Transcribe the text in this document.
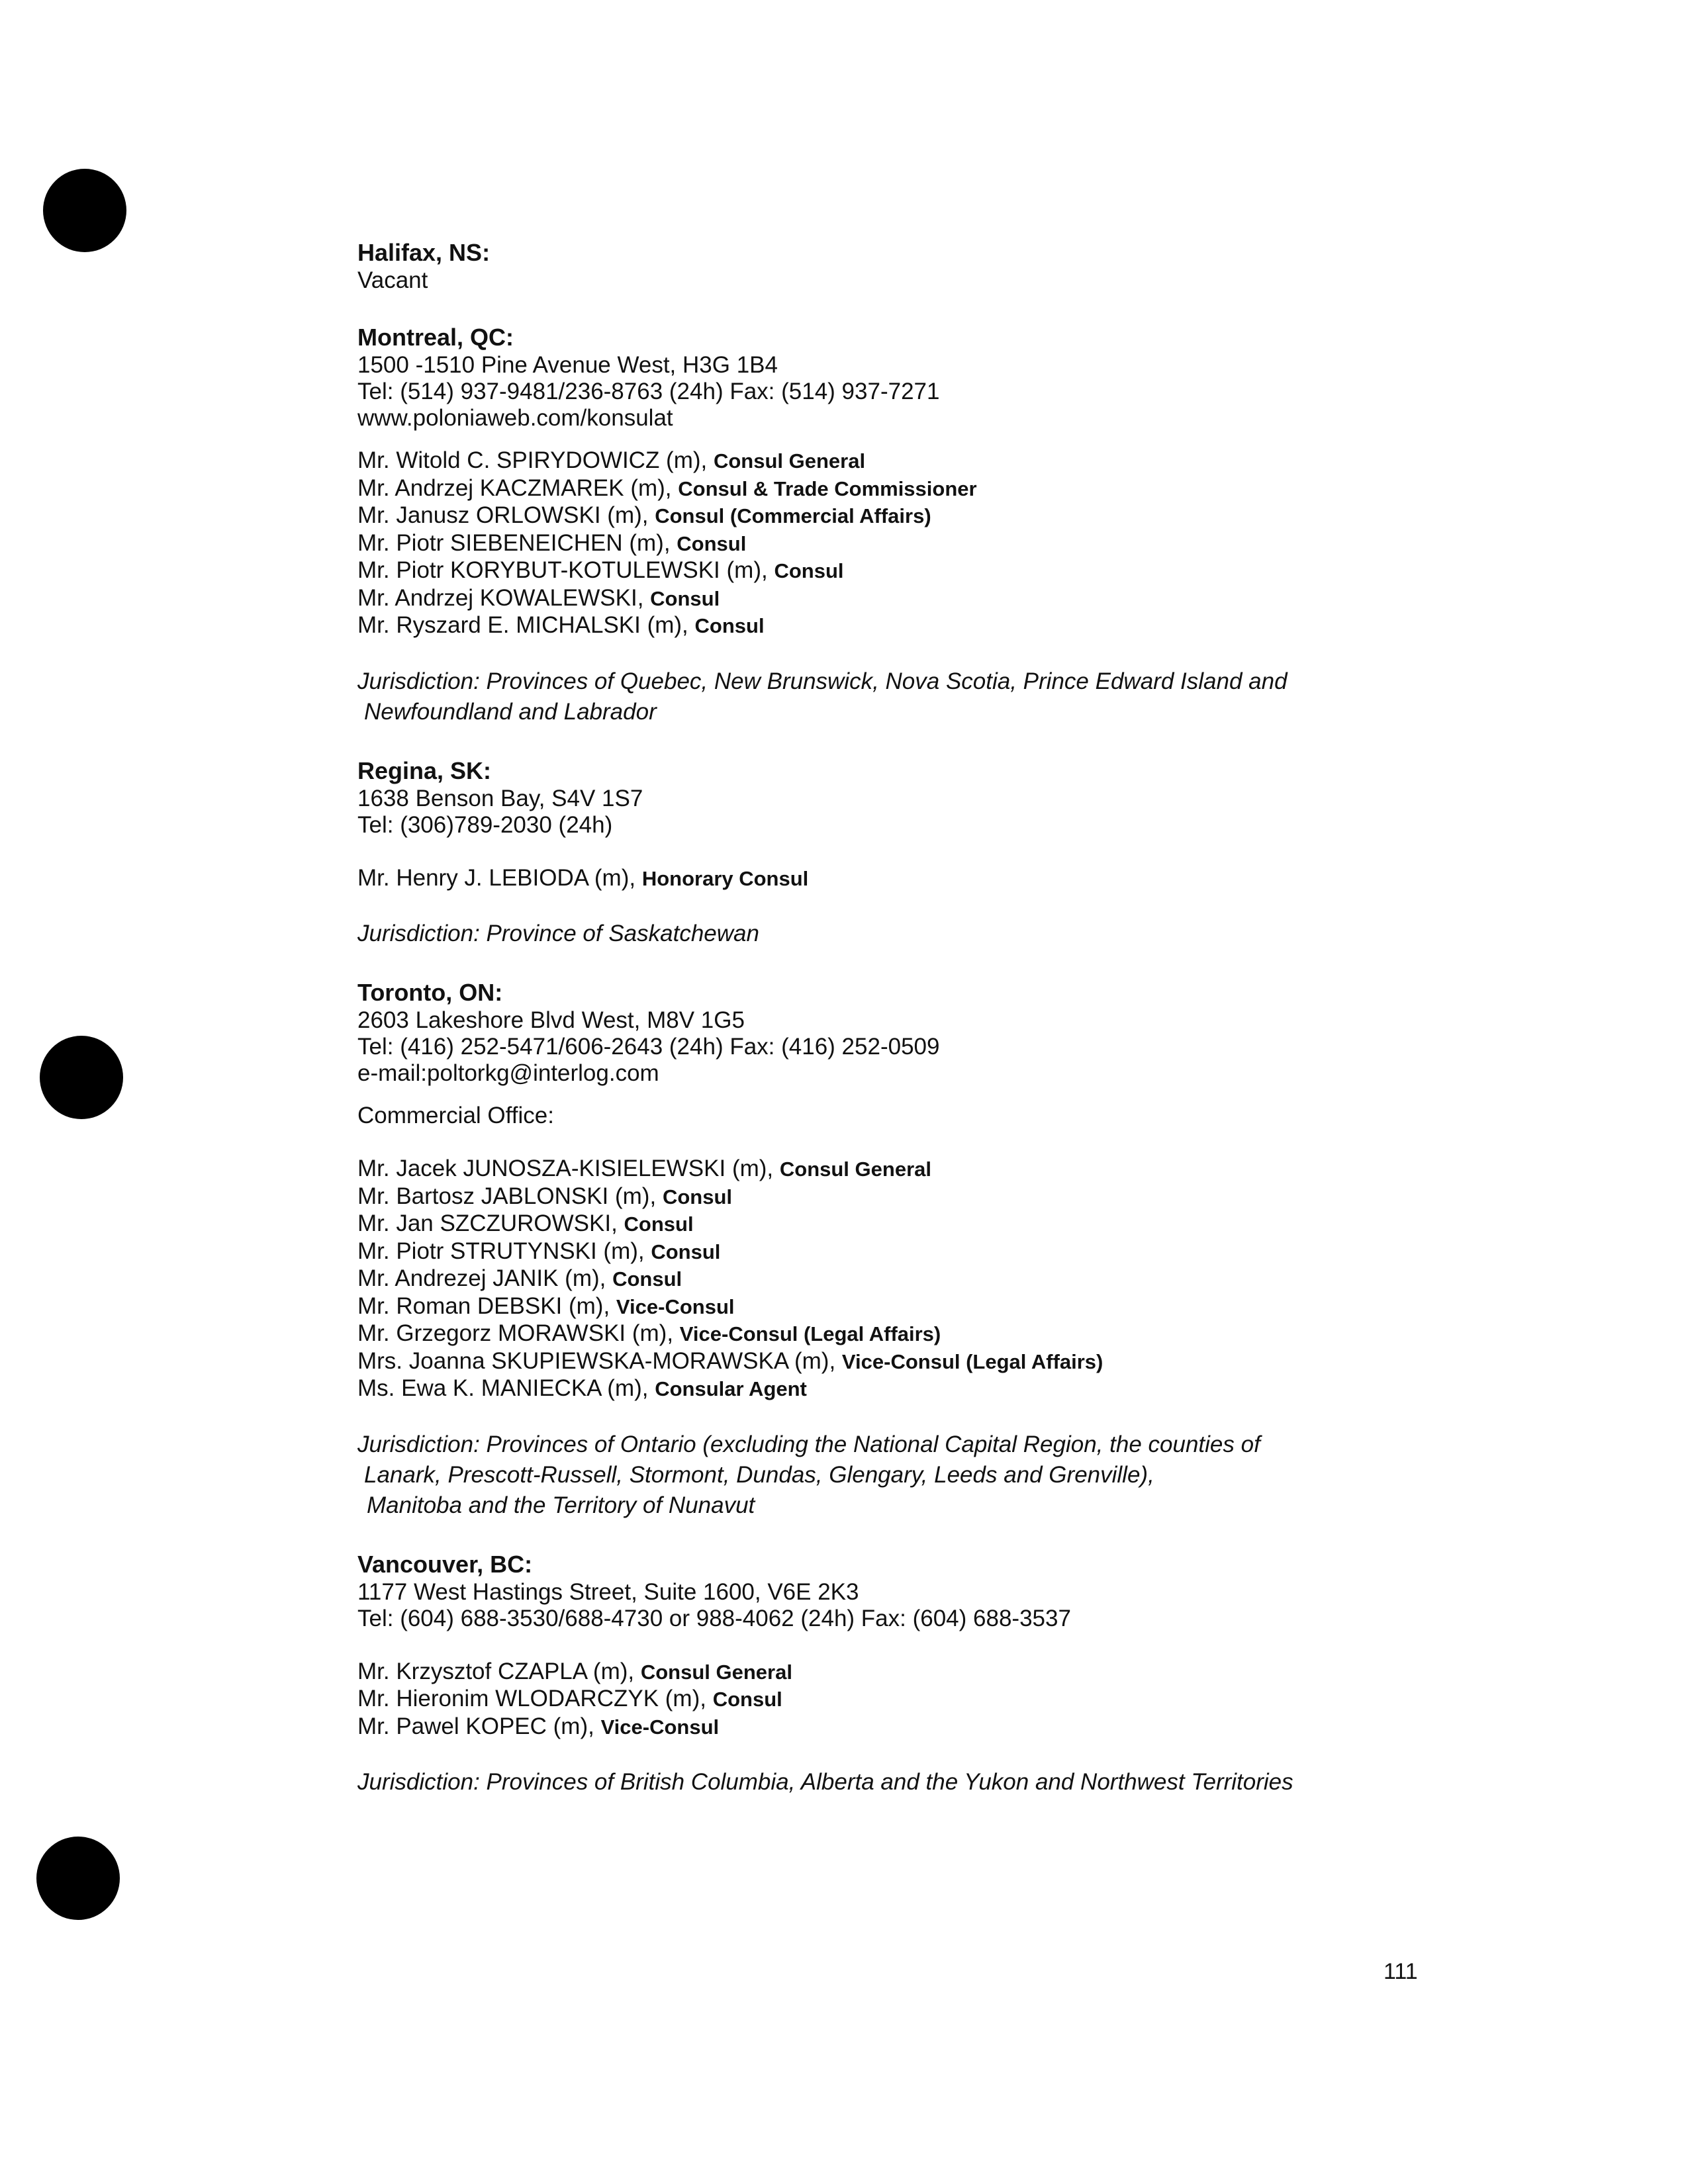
Halifax, NS:
Vacant
Montreal, QC:
1500 -1510 Pine Avenue West, H3G 1B4
Tel: (514) 937-9481/236-8763 (24h) Fax: (514) 937-7271
www.poloniaweb.com/konsulat
Mr. Witold C. SPIRYDOWICZ (m), Consul General
Mr. Andrzej KACZMAREK (m), Consul & Trade Commissioner
Mr. Janusz ORLOWSKI (m), Consul (Commercial Affairs)
Mr. Piotr SIEBENEICHEN (m), Consul
Mr. Piotr KORYBUT-KOTULEWSKI (m), Consul
Mr. Andrzej KOWALEWSKI, Consul
Mr. Ryszard E. MICHALSKI (m), Consul
Jurisdiction: Provinces of Quebec, New Brunswick, Nova Scotia, Prince Edward Island and
Newfoundland and Labrador
Regina, SK:
1638 Benson Bay, S4V 1S7
Tel: (306)789-2030 (24h)
Mr. Henry J. LEBIODA (m), Honorary Consul
Jurisdiction: Province of Saskatchewan
Toronto, ON:
2603 Lakeshore Blvd West, M8V 1G5
Tel: (416) 252-5471/606-2643 (24h) Fax: (416) 252-0509
e-mail:poltorkg@interlog.com
Commercial Office:
Mr. Jacek JUNOSZA-KISIELEWSKI (m), Consul General
Mr. Bartosz JABLONSKI (m), Consul
Mr. Jan SZCZUROWSKI, Consul
Mr. Piotr STRUTYNSKI (m), Consul
Mr. Andrezej JANIK (m), Consul
Mr. Roman DEBSKI (m), Vice-Consul
Mr. Grzegorz MORAWSKI (m), Vice-Consul (Legal Affairs)
Mrs. Joanna SKUPIEWSKA-MORAWSKA (m), Vice-Consul (Legal Affairs)
Ms. Ewa K. MANIECKA (m), Consular Agent
Jurisdiction: Provinces of Ontario (excluding the National Capital Region, the counties of
Lanark, Prescott-Russell, Stormont, Dundas, Glengary, Leeds and Grenville),
Manitoba and the Territory of Nunavut
Vancouver, BC:
1177 West Hastings Street, Suite 1600, V6E 2K3
Tel: (604) 688-3530/688-4730 or 988-4062 (24h) Fax: (604) 688-3537
Mr. Krzysztof CZAPLA (m), Consul General
Mr. Hieronim WLODARCZYK (m), Consul
Mr. Pawel KOPEC (m), Vice-Consul
Jurisdiction: Provinces of British Columbia, Alberta and the Yukon and Northwest Territories
111
